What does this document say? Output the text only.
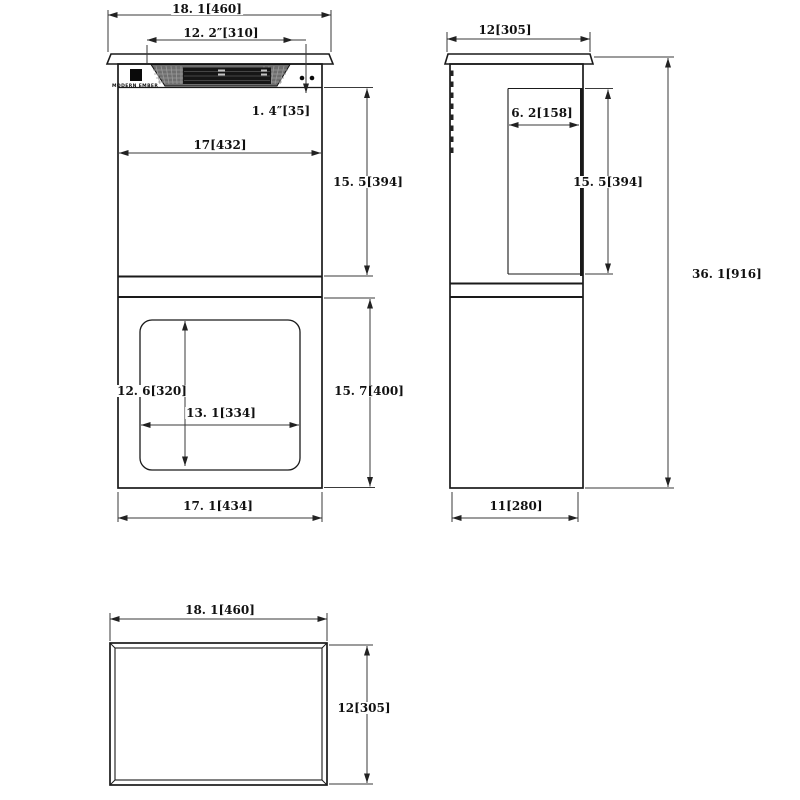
MODERN EMBER
18. 1[460]
12. 2″[310]
1. 4″[35]
17[432]
15. 5[394]
12. 6[320]
13. 1[334]
15. 7[400]
17. 1[434]
12[305]
6. 2[158]
15. 5[394]
36. 1[916]
11[280]
18. 1[460]
12[305]
